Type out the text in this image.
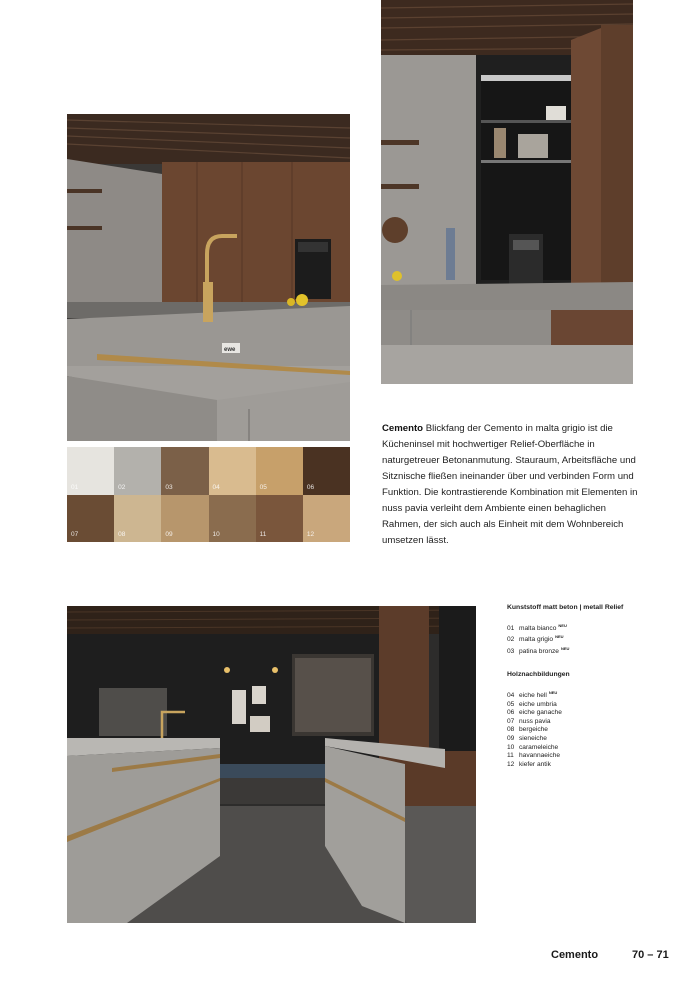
ewe
01	02	03	04	05	06
07	08	09	10	11	12

Cemento Blickfang der Cemento in malta grigio ist die Kücheninsel mit hochwertiger Relief-Oberfläche in naturgetreuer Betonanmutung. Stauraum, Arbeitsfläche und Sitznische fließen ineinander über und verbinden Form und Funktion. Die kontrastierende Kombination mit Elementen in nuss pavia verleiht dem Ambiente einen behaglichen Rahmen, der sich auch als Einheit mit dem Wohnbereich umsetzen lässt.

Kunststoff matt beton | metall Relief
01 malta bianco $^{NEU}$
02 malta grigio $^{NEU}$
03 patina bronze $^{NEU}$
Holznachbildungen
04 eiche hell $^{NEU}$
05 eiche umbria
06 eiche ganache
07 nuss pavia
08 bergeiche
09 sieneiche
10 carameleiche
11 havannaeiche
12 kiefer antik
Cemento	70 – 71
